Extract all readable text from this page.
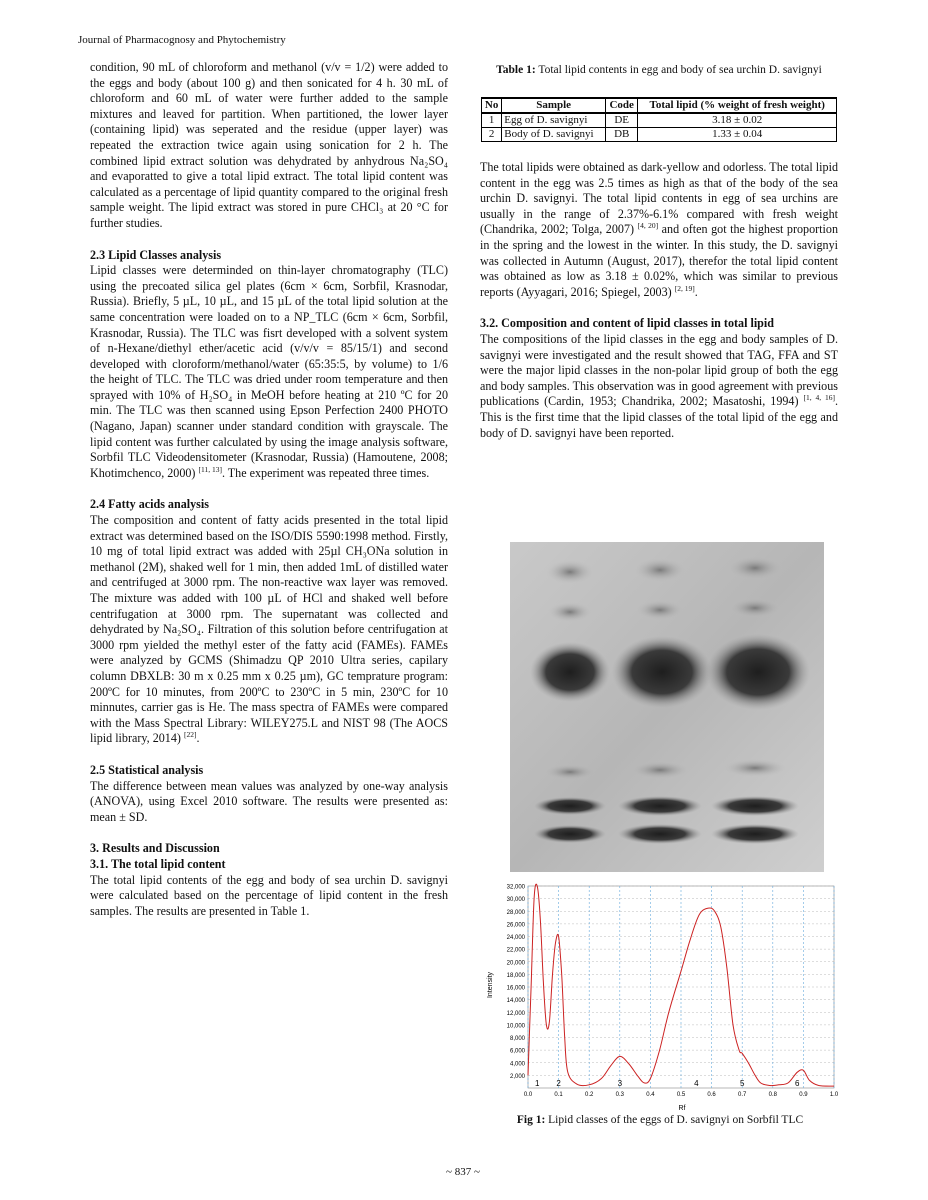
Journal of Pharmacognosy and Phytochemistry

condition, 90 mL of chloroform and methanol (v/v = 1/2) were added to the eggs and body (about 100 g) and then sonicated for 4 h. 30 mL of chloroform and 60 mL of water were further added to the sample mixtures and leaved for partition. When partitioned, the lower layer (containing lipid) was seperated and the residue (upper layer) was repeated the extraction twice again using sonication for 2 h. The combined lipid extract solution was dehydrated by anhydrous Na₂SO₄ and evaporatted to give a total lipid extract. The total lipid content was calculated as a percentage of lipid quantity compared to the original fresh sample weight. The lipid extract was stored in pure CHCl₃ at 20 °C for further studies.

2.3 Lipid Classes analysis

Lipid classes were determinded on thin-layer chromatography (TLC) using the precoated silica gel plates (6cm × 6cm, Sorbfil, Krasnodar, Russia). Briefly, 5 µL, 10 µL, and 15 µL of the total lipid solution at the same concentration were loaded on to a NP_TLC (6cm × 6cm, Sorbfil, Krasnodar, Russia). The TLC was fisrt developed with a solvent system of n-Hexane/diethyl ether/acetic acid (v/v/v = 85/15/1) and second developed with cloroform/methanol/water (65:35:5, by volume) to 1/6 the height of TLC. The TLC was dried under room temperature and then sprayed with 10% of H₂SO₄ in MeOH before heating at 210 ºC for 20 min. The TLC was then scanned using Epson Perfection 2400 PHOTO (Nagano, Japan) scanner under standard condition with grayscale. The lipid content was further calculated by using the image analysis software, Sorbfil TLC Videodensitometer (Krasnodar, Russia) (Hamoutene, 2008; Khotimchenco, 2000) [11, 13]. The experiment was repeated three times.

2.4 Fatty acids analysis

The composition and content of fatty acids presented in the total lipid extract was determined based on the ISO/DIS 5590:1998 method. Firstly, 10 mg of total lipid extract was added with 25µl CH₃ONa solution in methanol (2M), shaked well for 1 min, then added 1mL of distilled water and centrifuged at 3000 rpm. The non-reactive wax layer was removed. The mixture was added with 100 µL of HCl and shaked well before centrifugation at 3000 rpm. The supernatant was collected and dehydrated by Na₂SO₄. Filtration of this solution before centrifugation at 3000 rpm yielded the methyl ester of the fatty acid (FAMEs). FAMEs were analyzed by GCMS (Shimadzu QP 2010 Ultra series, capilary column DBXLB: 30 m x 0.25 mm x 0.25 µm), GC temprature program: 200ºC for 10 minutes, from 200ºC to 230ºC in 5 min, 230ºC for 10 minnutes, carrier gas is He. The mass spectra of FAMEs were compared with the Mass Spectral Library: WILEY275.L and NIST 98 (The AOCS lipid library, 2014) [22].

2.5 Statistical analysis

The difference between mean values was analyzed by one-way analysis (ANOVA), using Excel 2010 software. The results were presented as: mean ± SD.

3. Results and Discussion
3.1. The total lipid content

The total lipid contents of the egg and body of sea urchin D. savignyi were calculated based on the percentage of lipid content in the fresh samples. The results are presented in Table 1.

Table 1: Total lipid contents in egg and body of sea urchin D. savignyi
No	Sample	Code	Total lipid (% weight of fresh weight)
1	Egg of D. savignyi	DE	3.18 ± 0.02
2	Body of D. savignyi	DB	1.33 ± 0.04

The total lipids were obtained as dark-yellow and odorless. The total lipid content in the egg was 2.5 times as high as that of the body of the sea urchin D. savignyi. The total lipid contents in egg of sea urchins are usually in the range of 2.37%-6.1% compared with fresh weight (Chandrika, 2002; Tolga, 2007) [4, 20] and often got the highest proportion in the spring and the lowest in the winter. In this study, the D. savignyi was collected in Autumn (August, 2017), therefor the total lipid content was obtained as low as 3.18 ± 0.02%, which was similar to previous reports (Ayyagari, 2016; Spiegel, 2003) [2, 19].

3.2. Composition and content of lipid classes in total lipid

The compositions of the lipid classes in the egg and body samples of D. savignyi were investigated and the result showed that TAG, FFA and ST were the major lipid classes in the non-polar lipid group of both the egg and body samples. This observation was in good agreement with previous publications (Cardin, 1953; Chandrika, 2002; Masatoshi, 1994) [1, 4, 16]. This is the first time that the lipid classes of the total lipid of the egg and body of D. savignyi have been reported.

2,000
4,000
6,000
8,000
10,000
12,000
14,000
16,000
18,000
20,000
22,000
24,000
26,000
28,000
30,000
32,000
0.0	0.1	0.2	0.3	0.4	0.5	0.6	0.7	0.8	0.9	1.0
1 2	3	4	5	6
Intensity
Rf
Fig 1: Lipid classes of the eggs of D. savignyi on Sorbfil TLC
~ 837 ~
